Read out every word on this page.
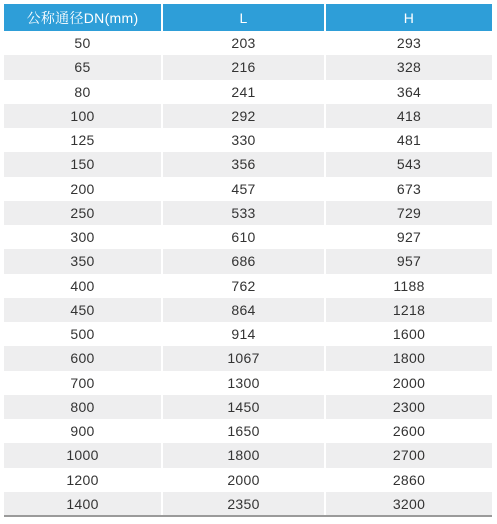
公称通径DN(mm)	L	H
50	203	293
65	216	328
80	241	364
100	292	418
125	330	481
150	356	543
200	457	673
250	533	729
300	610	927
350	686	957
400	762	1188
450	864	1218
500	914	1600
600	1067	1800
700	1300	2000
800	1450	2300
900	1650	2600
1000	1800	2700
1200	2000	2860
1400	2350	3200
